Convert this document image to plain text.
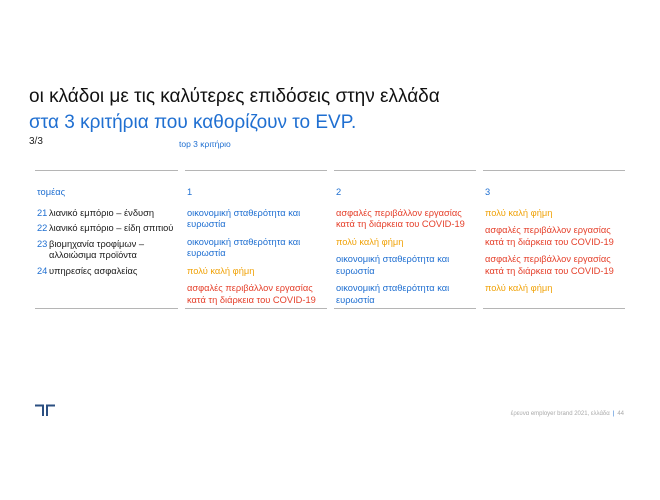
οι κλάδοι με τις καλύτερες επιδόσεις στην ελλάδα
στα 3 κριτήρια που καθορίζουν το EVP.
3/3	top 3 κριτήριο
τομέας
21 λιανικό εμπόριο – ένδυση
22 λιανικό εμπόριο – είδη σπιτιού
23 βιομηχανία τροφίμων – αλλοιώσιμα προϊόντα
24 υπηρεσίες ασφαλείας
1
οικονομική σταθερότητα και ευρωστία
οικονομική σταθερότητα και ευρωστία
πολύ καλή φήμη
ασφαλές περιβάλλον εργασίας κατά τη διάρκεια του COVID-19
2
ασφαλές περιβάλλον εργασίας κατά τη διάρκεια του COVID-19
πολύ καλή φήμη
οικονομική σταθερότητα και ευρωστία
οικονομική σταθερότητα και ευρωστία
3
πολύ καλή φήμη
ασφαλές περιβάλλον εργασίας κατά τη διάρκεια του COVID-19
ασφαλές περιβάλλον εργασίας κατά τη διάρκεια του COVID-19
πολύ καλή φήμη
έρευνα employer brand 2021, ελλάδα | 44
